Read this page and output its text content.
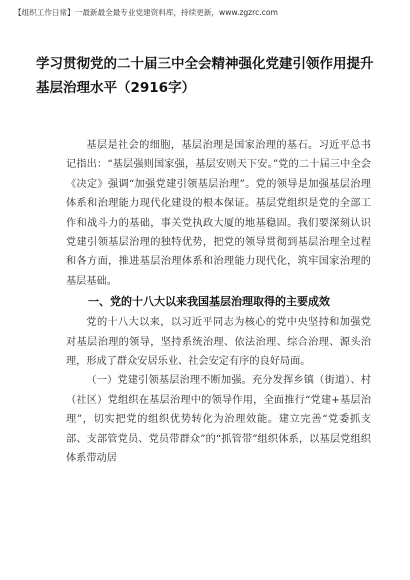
【组织工作日常】一最新最全最专业党建资料库，持续更新，www.zgzrc.com
学习贯彻党的二十届三中全会精神强化党建引领作用提升基层治理水平（2916字）

基层是社会的细胞，基层治理是国家治理的基石。习近平总书记指出：“基层强则国家强，基层安则天下安。”党的二十届三中全会《决定》强调“加强党建引领基层治理”。党的领导是加强基层治理体系和治理能力现代化建设的根本保证。基层党组织是党的全部工作和战斗力的基础，事关党执政大厦的地基稳固。我们要深刻认识党建引领基层治理的独特优势，把党的领导贯彻到基层治理全过程和各方面，推进基层治理体系和治理能力现代化，筑牢国家治理的基层基础。

一、党的十八大以来我国基层治理取得的主要成效

党的十八大以来，以习近平同志为核心的党中央坚持和加强党对基层治理的领导，坚持系统治理、依法治理、综合治理、源头治理，形成了群众安居乐业、社会安定有序的良好局面。

（一）党建引领基层治理不断加强。充分发挥乡镇（街道）、村（社区）党组织在基层治理中的领导作用，全面推行“党建+基层治理”，切实把党的组织优势转化为治理效能。建立完善“党委抓支部、支部管党员、党员带群众”的“抓管带”组织体系，以基层党组织体系带动居
